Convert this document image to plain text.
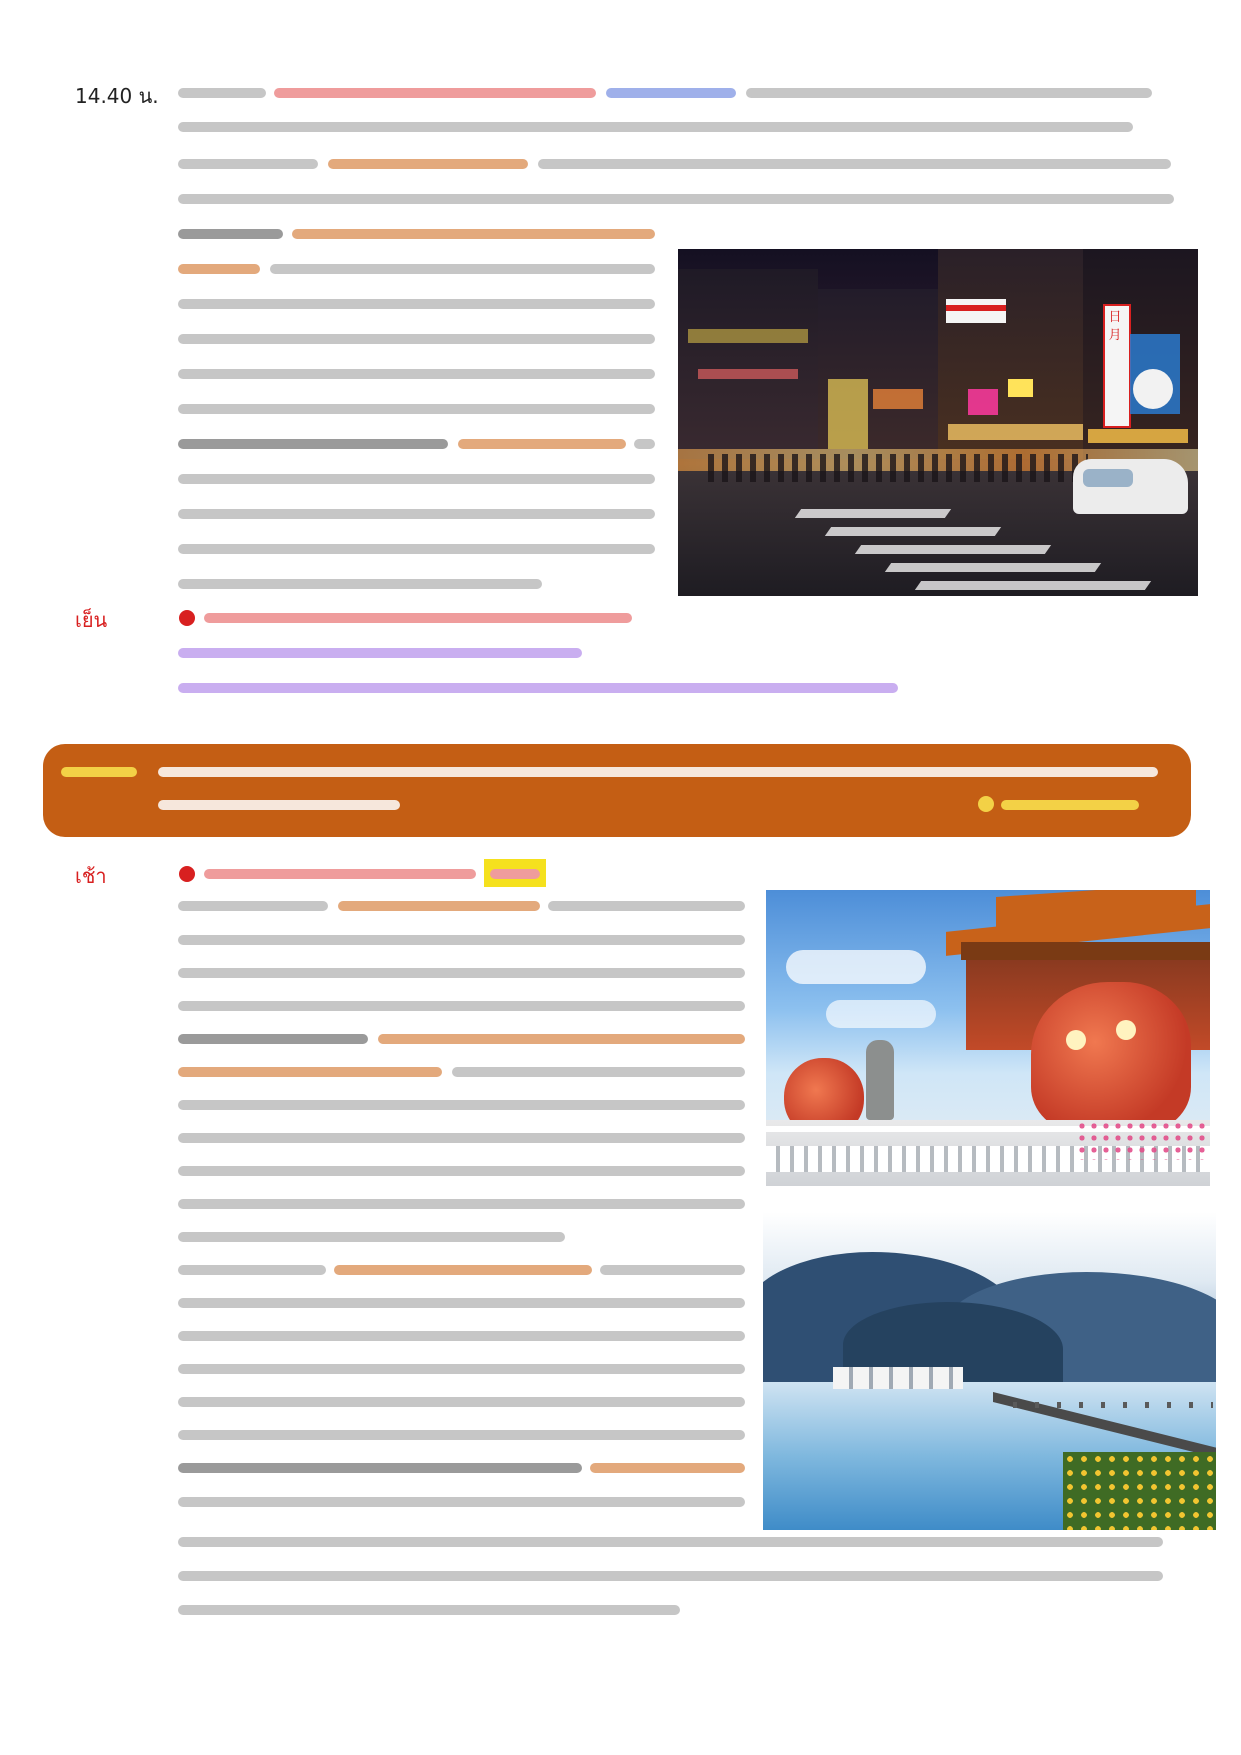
14.40 น.
日月
เย็น
เช้า
